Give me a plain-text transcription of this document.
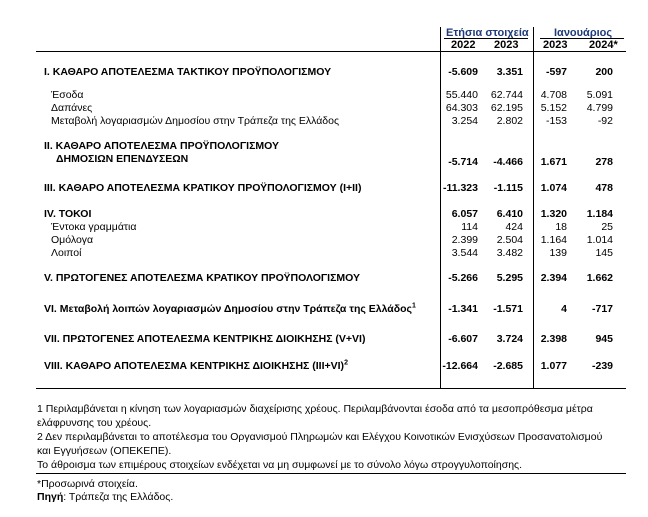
Ετήσια στοιχεία Ιανουάριος
2022 2023 2023 2024*
I. ΚΑΘΑΡΟ ΑΠΟΤΕΛΕΣΜΑ ΤΑΚΤΙΚΟΥ ΠΡΟΫΠΟΛΟΓΙΣΜΟΥ	-5.609 3.351 -597	200
Έσοδα	55.440 62.744 4.708 5.091
Δαπάνες	64.303 62.195 5.152 4.799
Μεταβολή λογαριασμών Δημοσίου στην Τράπεζα της Ελλάδος	3.254 2.802 -153	-92
II. ΚΑΘΑΡΟ ΑΠΟΤΕΛΕΣΜΑ ΠΡΟΫΠΟΛΟΓΙΣΜΟΥ
ΔΗΜΟΣΙΩΝ ΕΠΕΝΔΥΣΕΩΝ	-5.714 -4.466 1.671	278
III. ΚΑΘΑΡΟ ΑΠΟΤΕΛΕΣΜΑ ΚΡΑΤΙΚΟΥ ΠΡΟΫΠΟΛΟΓΙΣΜΟΥ (I+II)	-11.323 -1.115 1.074	478
IV. ΤΟΚΟΙ	6.057 6.410 1.320 1.184
Έντοκα γραμμάτια	114	424	18	25
Ομόλογα	2.399 2.504 1.164 1.014
Λοιποί	3.544 3.482	139	145
V. ΠΡΩΤΟΓΕΝΕΣ ΑΠΟΤΕΛΕΣΜΑ ΚΡΑΤΙΚΟΥ ΠΡΟΫΠΟΛΟΓΙΣΜΟΥ	-5.266 5.295 2.394 1.662
VI. Μεταβολή λοιπών λογαριασμών Δημοσίου στην Τράπεζα της Ελλάδος$^1$	-1.341 -1.571	4 -717
VII. ΠΡΩΤΟΓΕΝΕΣ ΑΠΟΤΕΛΕΣΜΑ ΚΕΝΤΡΙΚΗΣ ΔΙΟΙΚΗΣΗΣ (V+VI)	-6.607 3.724 2.398	945
VIII. ΚΑΘΑΡΟ ΑΠΟΤΕΛΕΣΜΑ ΚΕΝΤΡΙΚΗΣ ΔΙΟΙΚΗΣΗΣ $(III+VI)^2$	-12.664 -2.685 1.077 -239
1 Περιλαμβάνεται η κίνηση των λογαριασμών διαχείρισης χρέους. Περιλαμβάνονται έσοδα από τα μεσοπρόθεσμα μέτρα
ελάφρυνσης του χρέους.
2 Δεν περιλαμβάνεται το αποτέλεσμα του Οργανισμού Πληρωμών και Ελέγχου Κοινοτικών Ενισχύσεων Προσανατολισμού
και Εγγυήσεων (ΟΠΕΚΕΠΕ).
Το άθροισμα των επιμέρους στοιχείων ενδέχεται να μη συμφωνεί με το σύνολο λόγω στρογγυλοποίησης.
*Προσωρινά στοιχεία.
Πηγή: Τράπεζα της Ελλάδος.
